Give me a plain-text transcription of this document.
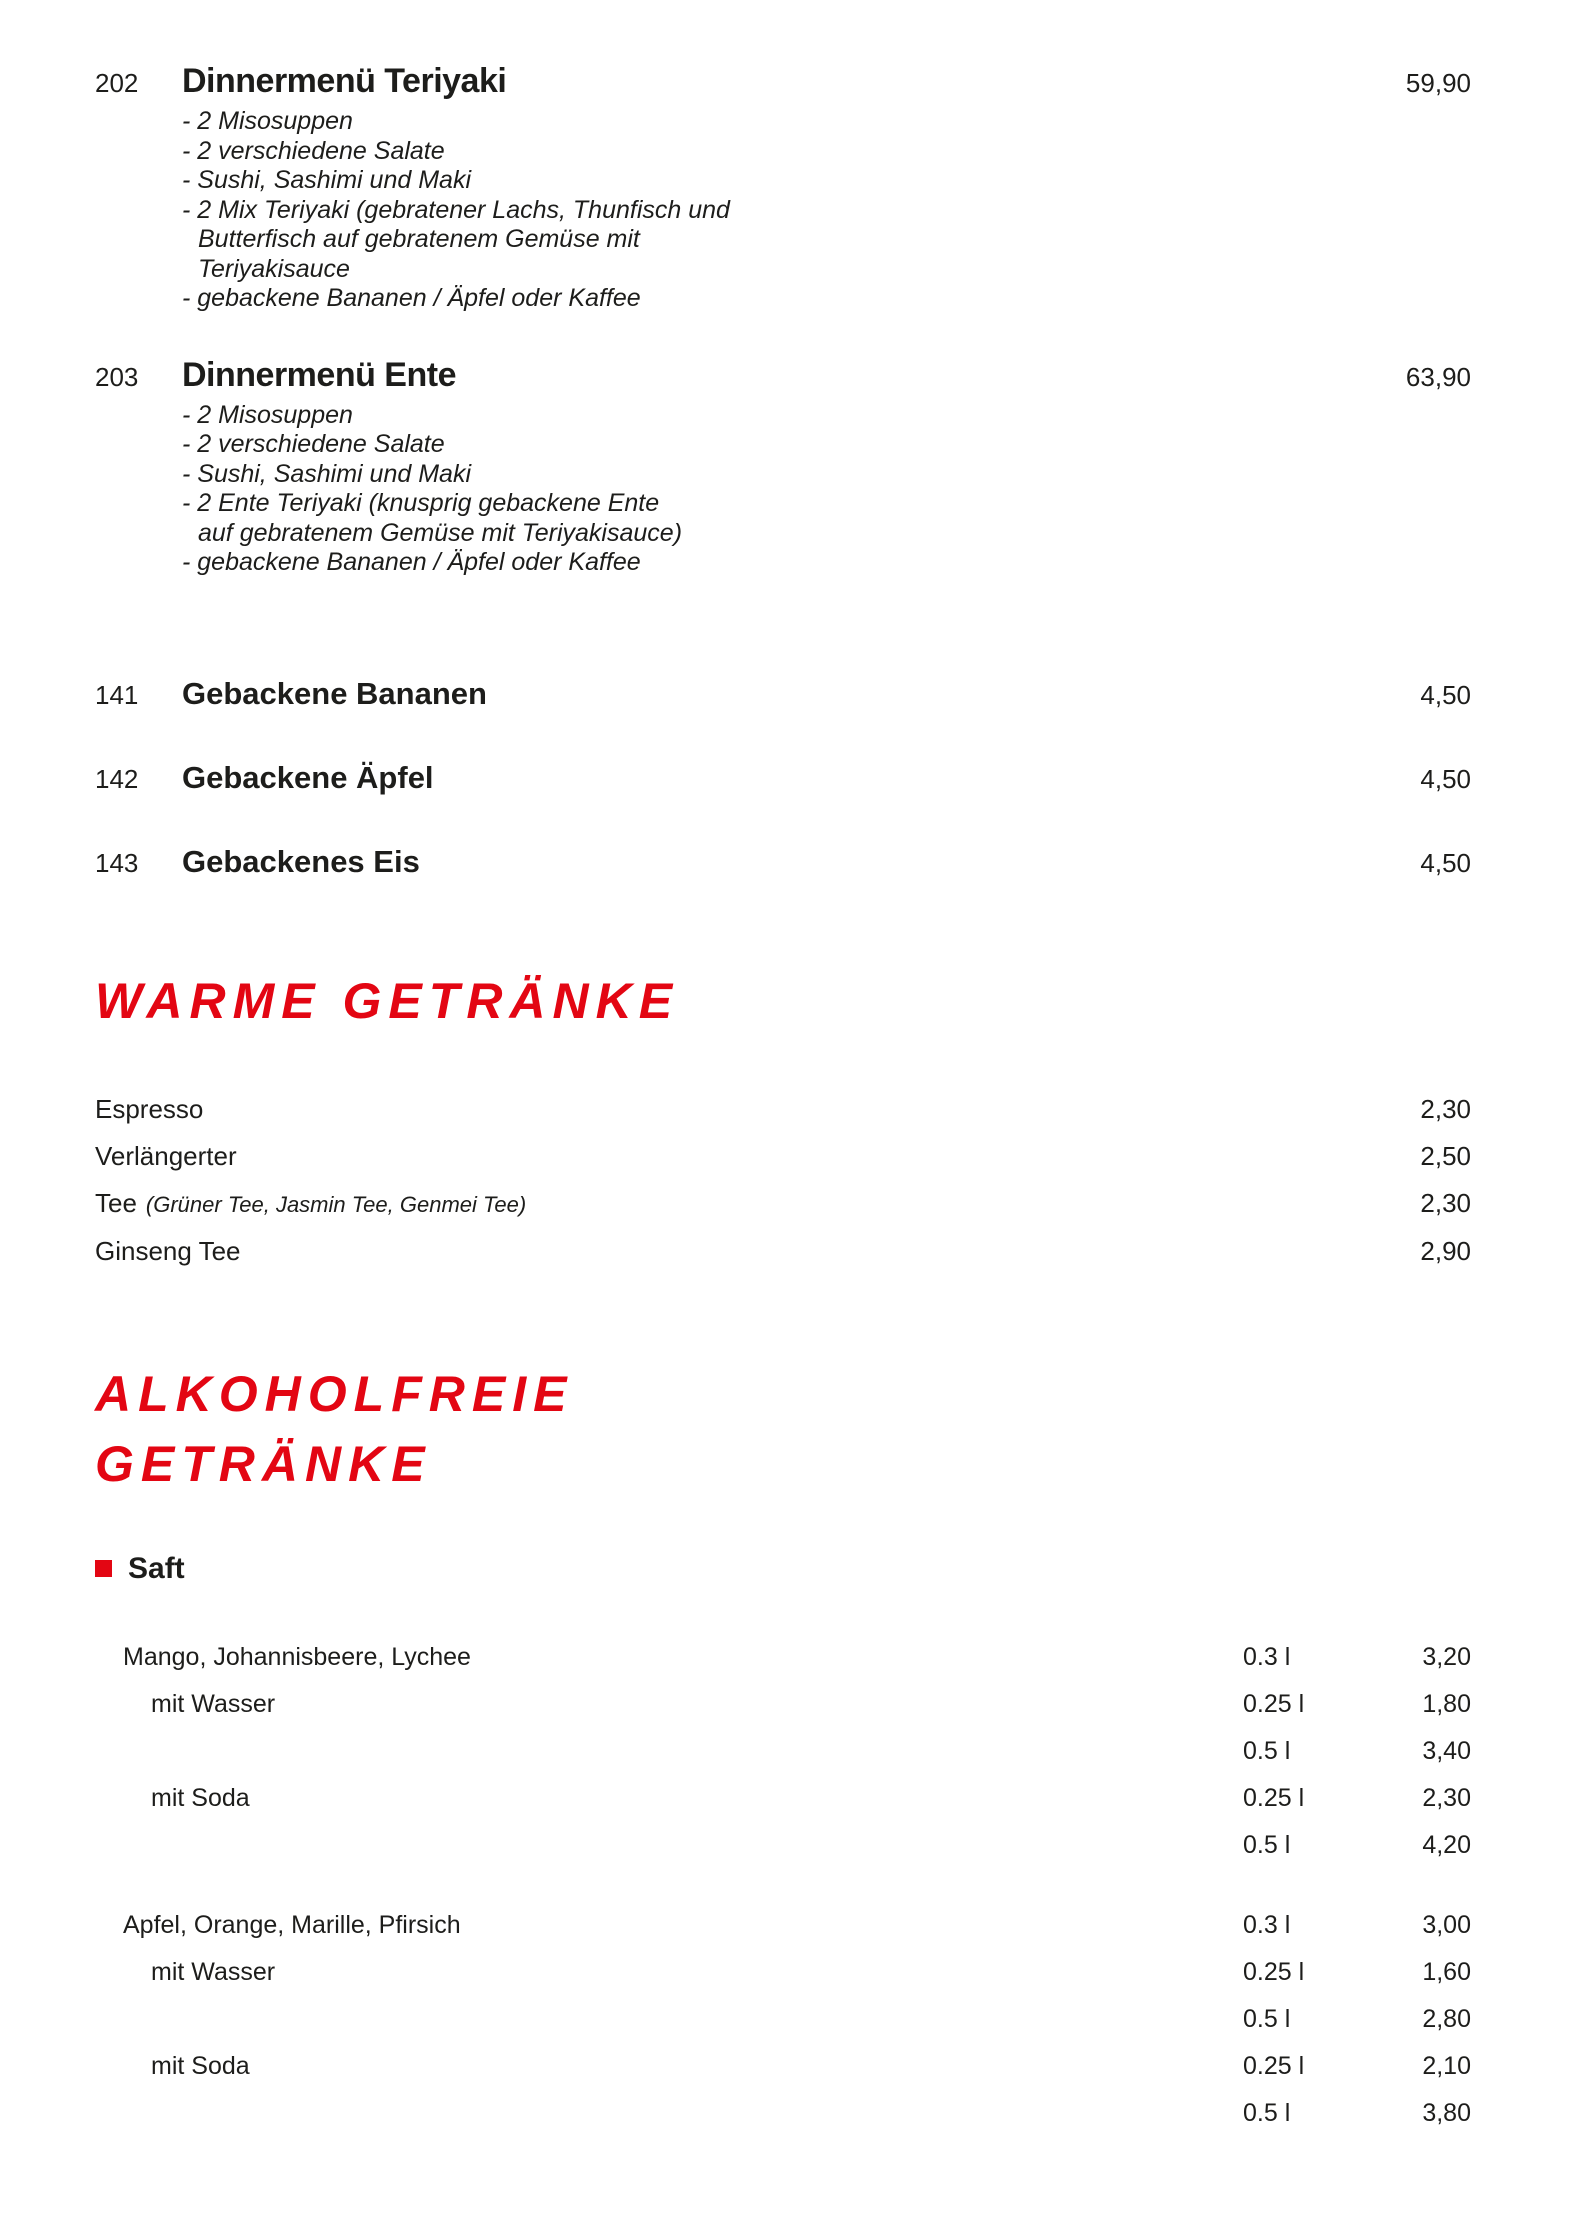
202	Dinnermenü Teriyaki	59,90
- 2 Misosuppen
- 2 verschiedene Salate
- Sushi, Sashimi und Maki
- 2 Mix Teriyaki (gebratener Lachs, Thunfisch und
Butterfisch auf gebratenem Gemüse mit
Teriyakisauce
- gebackene Bananen / Äpfel oder Kaffee
203	Dinnermenü Ente	63,90
- 2 Misosuppen
- 2 verschiedene Salate
- Sushi, Sashimi und Maki
- 2 Ente Teriyaki (knusprig gebackene Ente
auf gebratenem Gemüse mit Teriyakisauce)
- gebackene Bananen / Äpfel oder Kaffee
141	Gebackene Bananen	4,50
142	Gebackene Äpfel	4,50
143	Gebackenes Eis	4,50
WARME GETRÄNKE
Espresso	2,30
Verlängerter	2,50
Tee (Grüner Tee, Jasmin Tee, Genmei Tee)	2,30
Ginseng Tee	2,90
ALKOHOLFREIE
GETRÄNKE
Saft
Mango, Johannisbeere, Lychee	0.3 l	3,20
mit Wasser	0.25 l	1,80
0.5 l	3,40
mit Soda	0.25 l	2,30
0.5 l	4,20
Apfel, Orange, Marille, Pfirsich	0.3 l	3,00
mit Wasser	0.25 l	1,60
0.5 l	2,80
mit Soda	0.25 l	2,10
0.5 l	3,80
